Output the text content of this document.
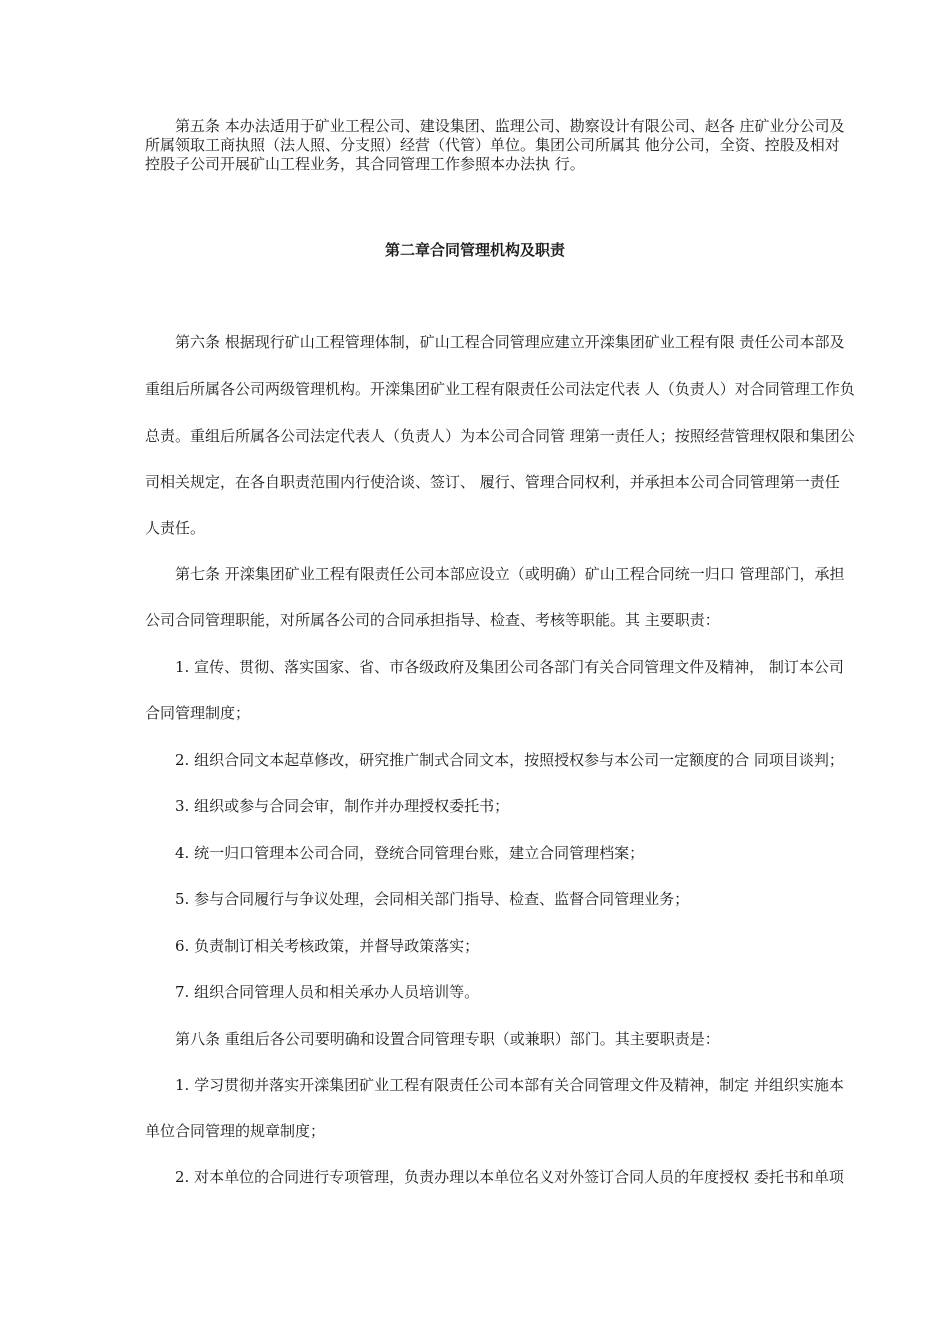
　　第五条 本办法适用于矿业工程公司、建设集团、监理公司、勘察设计有限公司、赵各 庄矿业分公司及
所属领取工商执照（法人照、分支照）经营（代管）单位。集团公司所属其 他分公司，全资、控股及相对
控股子公司开展矿山工程业务，其合同管理工作参照本办法执 行。
第二章合同管理机构及职责
　　第六条 根据现行矿山工程管理体制，矿山工程合同管理应建立开滦集团矿业工程有限 责任公司本部及
重组后所属各公司两级管理机构。开滦集团矿业工程有限责任公司法定代表 人（负责人）对合同管理工作负
总责。重组后所属各公司法定代表人（负责人）为本公司合同管 理第一责任人；按照经营管理权限和集团公
司相关规定，在各自职责范围内行使洽谈、签订、 履行、管理合同权利，并承担本公司合同管理第一责任
人责任。
　　第七条 开滦集团矿业工程有限责任公司本部应设立（或明确）矿山工程合同统一归口 管理部门，承担
公司合同管理职能，对所属各公司的合同承担指导、检查、考核等职能。其 主要职责：
　　1. 宣传、贯彻、落实国家、省、市各级政府及集团公司各部门有关合同管理文件及精神， 制订本公司
合同管理制度；
　　2. 组织合同文本起草修改，研究推广制式合同文本，按照授权参与本公司一定额度的合 同项目谈判；
　　3. 组织或参与合同会审，制作并办理授权委托书；
　　4. 统一归口管理本公司合同，登统合同管理台账，建立合同管理档案；
　　5. 参与合同履行与争议处理，会同相关部门指导、检查、监督合同管理业务；
　　6. 负责制订相关考核政策，并督导政策落实；
　　7. 组织合同管理人员和相关承办人员培训等。
　　第八条 重组后各公司要明确和设置合同管理专职（或兼职）部门。其主要职责是：
　　1. 学习贯彻并落实开滦集团矿业工程有限责任公司本部有关合同管理文件及精神，制定 并组织实施本
单位合同管理的规章制度；
　　2. 对本单位的合同进行专项管理，负责办理以本单位名义对外签订合同人员的年度授权 委托书和单项
